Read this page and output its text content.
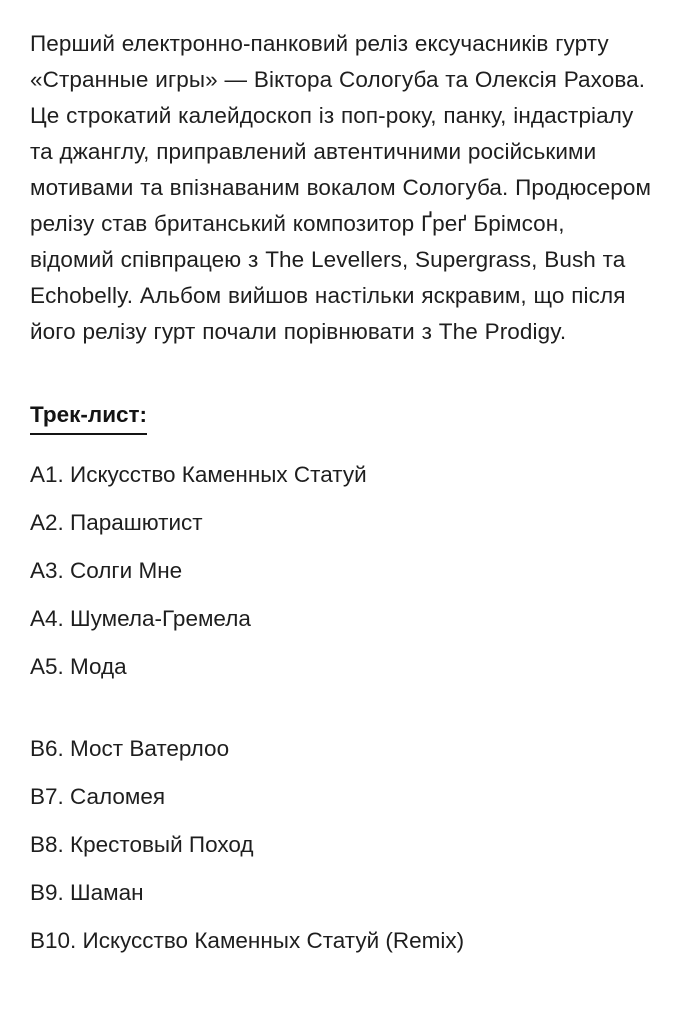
Перший електронно-панковий реліз ексучасників гурту «Странные игры» — Віктора Сологуба та Олексія Рахова. Це строкатий калейдоскоп із поп-року, панку, індастріалу та джанглу, приправлений автентичними російськими мотивами та впізнаваним вокалом Сологуба. Продюсером релізу став британський композитор Ґреґ Брімсон, відомий співпрацею з The Levellers, Supergrass, Bush та Echobelly. Альбом вийшов настільки яскравим, що після його релізу гурт почали порівнювати з The Prodigy.

Трек-лист:
A1. Искусство Каменных Статуй
A2. Парашютист
A3. Солги Мне
A4. Шумела-Гремела
A5. Мода
B6. Мост Ватерлоо
B7. Саломея
B8. Крестовый Поход
B9. Шаман
B10. Искусство Каменных Статуй (Remix)
